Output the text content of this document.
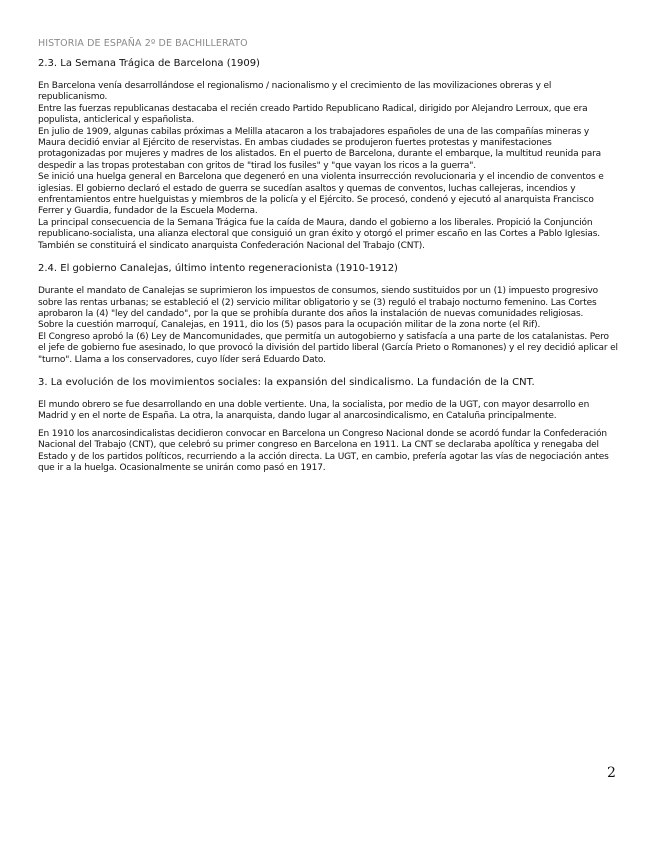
HISTORIA DE ESPAÑA 2º DE BACHILLERATO
2.3. La Semana Trágica de Barcelona (1909)

En Barcelona venía desarrollándose el regionalismo / nacionalismo y el crecimiento de las movilizaciones obreras y el republicanismo.

Entre las fuerzas republicanas destacaba el recién creado Partido Republicano Radical, dirigido por Alejandro Lerroux, que era populista, anticlerical y españolista.

En julio de 1909, algunas cabilas próximas a Melilla atacaron a los trabajadores españoles de una de las compañías mineras y Maura decidió enviar al Ejército de reservistas. En ambas ciudades se produjeron fuertes protestas y manifestaciones protagonizadas por mujeres y madres de los alistados. En el puerto de Barcelona, durante el embarque, la multitud reunida para despedir a las tropas protestaban con gritos de "tirad los fusiles" y "que vayan los ricos a la guerra".

Se inició una huelga general en Barcelona que degeneró en una violenta insurrección revolucionaria y el incendio de conventos e iglesias. El gobierno declaró el estado de guerra se sucedían asaltos y quemas de conventos, luchas callejeras, incendios y enfrentamientos entre huelguistas y miembros de la policía y el Ejército. Se procesó, condenó y ejecutó al anarquista Francisco Ferrer y Guardia, fundador de la Escuela Moderna.

La principal consecuencia de la Semana Trágica fue la caída de Maura, dando el gobierno a los liberales. Propició la Conjunción republicano-socialista, una alianza electoral que consiguió un gran éxito y otorgó el primer escaño en las Cortes a Pablo Iglesias. También se constituirá el sindicato anarquista Confederación Nacional del Trabajo (CNT).

2.4. El gobierno Canalejas, último intento regeneracionista (1910-1912)

Durante el mandato de Canalejas se suprimieron los impuestos de consumos, siendo sustituidos por un (1) impuesto progresivo sobre las rentas urbanas; se estableció el (2) servicio militar obligatorio y se (3) reguló el trabajo nocturno femenino. Las Cortes aprobaron la (4) "ley del candado", por la que se prohibía durante dos años la instalación de nuevas comunidades religiosas.

Sobre la cuestión marroquí, Canalejas, en 1911, dio los (5) pasos para la ocupación militar de la zona norte (el Rif).

El Congreso aprobó la (6) Ley de Mancomunidades, que permitía un autogobierno y satisfacía a una parte de los catalanistas. Pero el jefe de gobierno fue asesinado, lo que provocó la división del partido liberal (García Prieto o Romanones) y el rey decidió aplicar el "turno". Llama a los conservadores, cuyo líder será Eduardo Dato.

3. La evolución de los movimientos sociales: la expansión del sindicalismo. La fundación de la CNT.

El mundo obrero se fue desarrollando en una doble vertiente. Una, la socialista, por medio de la UGT, con mayor desarrollo en Madrid y en el norte de España. La otra, la anarquista, dando lugar al anarcosindicalismo, en Cataluña principalmente.

En 1910 los anarcosindicalistas decidieron convocar en Barcelona un Congreso Nacional donde se acordó fundar la Confederación Nacional del Trabajo (CNT), que celebró su primer congreso en Barcelona en 1911. La CNT se declaraba apolítica y renegaba del Estado y de los partidos políticos, recurriendo a la acción directa. La UGT, en cambio, prefería agotar las vías de negociación antes que ir a la huelga. Ocasionalmente se unirán como pasó en 1917.

2
